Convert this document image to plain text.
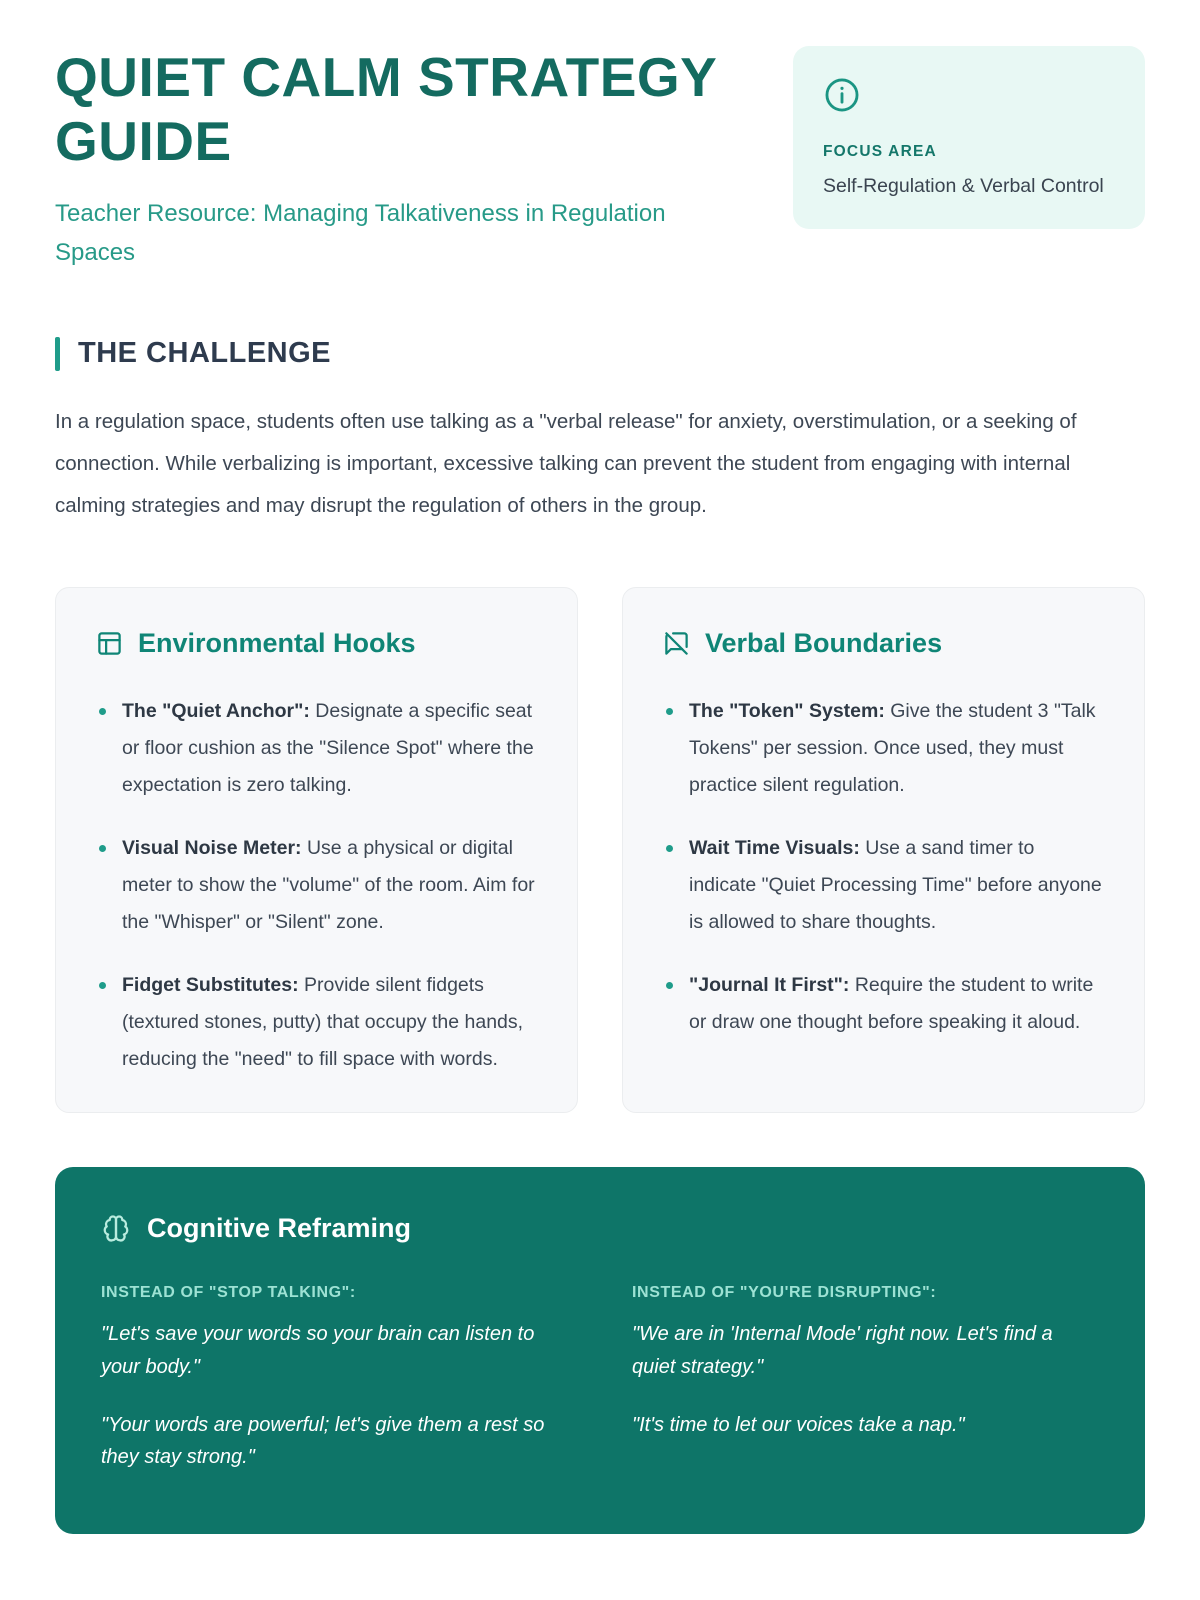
QUIET CALM STRATEGY GUIDE

Teacher Resource: Managing Talkativeness in Regulation Spaces

FOCUS AREA
Self-Regulation & Verbal Control
THE CHALLENGE

In a regulation space, students often use talking as a "verbal release" for anxiety, overstimulation, or a seeking of connection. While verbalizing is important, excessive talking can prevent the student from engaging with internal calming strategies and may disrupt the regulation of others in the group.

Environmental Hooks
The "Quiet Anchor": Designate a specific seat or floor cushion as the "Silence Spot" where the expectation is zero talking.
Visual Noise Meter: Use a physical or digital meter to show the "volume" of the room. Aim for the "Whisper" or "Silent" zone.
Fidget Substitutes: Provide silent fidgets (textured stones, putty) that occupy the hands, reducing the "need" to fill space with words.
Verbal Boundaries
The "Token" System: Give the student 3 "Talk Tokens" per session. Once used, they must practice silent regulation.
Wait Time Visuals: Use a sand timer to indicate "Quiet Processing Time" before anyone is allowed to share thoughts.
"Journal It First": Require the student to write or draw one thought before speaking it aloud.
Cognitive Reframing
INSTEAD OF "STOP TALKING":

"Let's save your words so your brain can listen to your body."

"Your words are powerful; let's give them a rest so they stay strong."

INSTEAD OF "YOU'RE DISRUPTING":

"We are in 'Internal Mode' right now. Let's find a quiet strategy."

"It's time to let our voices take a nap."
